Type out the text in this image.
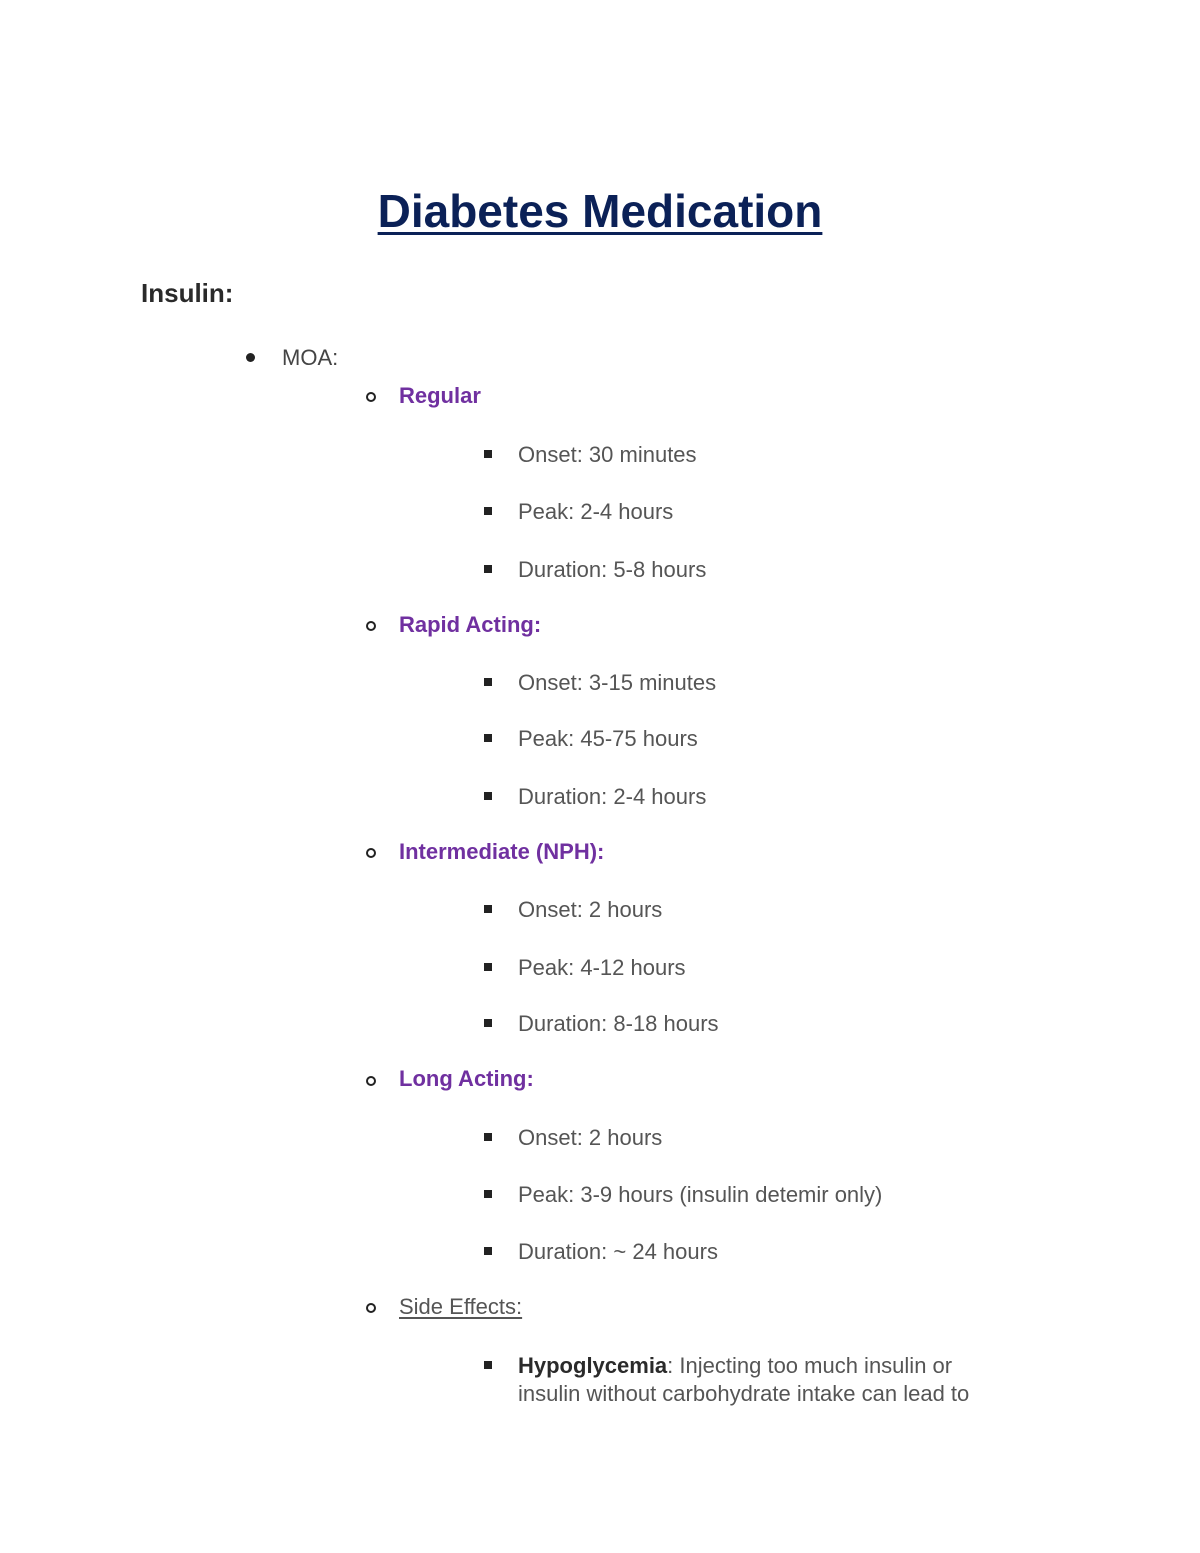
Diabetes Medication
Insulin:
MOA:
Regular
Onset: 30 minutes
Peak: 2-4 hours
Duration: 5-8 hours
Rapid Acting:
Onset: 3-15 minutes
Peak: 45-75 hours
Duration: 2-4 hours
Intermediate (NPH):
Onset: 2 hours
Peak: 4-12 hours
Duration: 8-18 hours
Long Acting:
Onset: 2 hours
Peak: 3-9 hours (insulin detemir only)
Duration: ~ 24 hours
Side Effects:
Hypoglycemia: Injecting too much insulin or
insulin without carbohydrate intake can lead to
